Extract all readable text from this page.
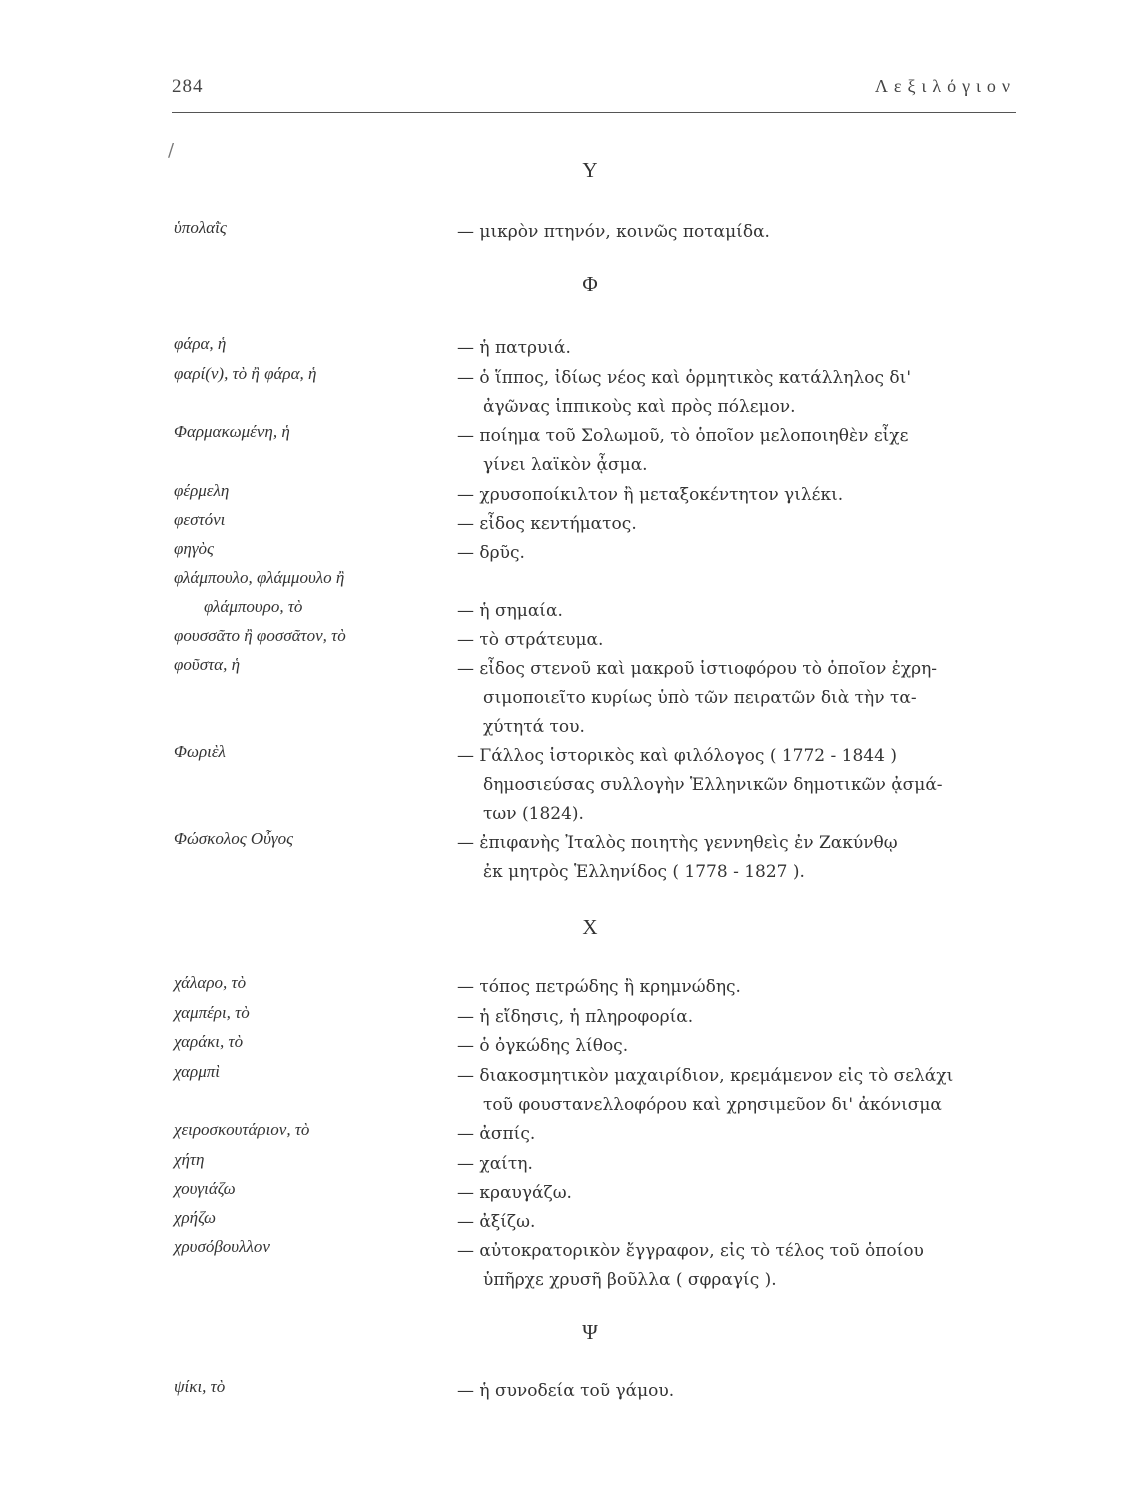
284	Λεξιλόγιον
/
Υ
ὑπολαῒς	— μικρὸν πτηνόν, κοινῶς ποταμίδα.
Φ
φάρα, ἡ	— ἡ πατρυιά.
φαρί(ν), τὸ ἢ φάρα, ἡ	— ὁ ἵππος, ἰδίως νέος καὶ ὁρμητικὸς κατάλληλος δι'
ἀγῶνας ἱππικοὺς καὶ πρὸς πόλεμον.
Φαρμακωμένη, ἡ	— ποίημα τοῦ Σολωμοῦ, τὸ ὁποῖον μελοποιηθὲν εἶχε
γίνει λαϊκὸν ᾆσμα.
φέρμελη	— χρυσοποίκιλτον ἢ μεταξοκέντητον γιλέκι.
φεστόνι	— εἶδος κεντήματος.
φηγὸς	— δρῦς.
φλάμπουλο, φλάμμουλο ἢ
φλάμπουρο, τὸ	— ἡ σημαία.
φουσσᾶτο ἢ φοσσᾶτον, τὸ	— τὸ στράτευμα.
φοῦστα, ἡ	— εἶδος στενοῦ καὶ μακροῦ ἱστιοφόρου τὸ ὁποῖον ἐχρη-
σιμοποιεῖτο κυρίως ὑπὸ τῶν πειρατῶν διὰ τὴν τα-
χύτητά του.
Φωριὲλ	— Γάλλος ἱστορικὸς καὶ φιλόλογος ( 1772 - 1844 )
δημοσιεύσας συλλογὴν Ἑλληνικῶν δημοτικῶν ᾀσμά-
των (1824).
Φώσκολος Οὖγος	— ἐπιφανὴς Ἰταλὸς ποιητὴς γεννηθεὶς ἐν Ζακύνθῳ
ἐκ μητρὸς Ἑλληνίδος ( 1778 - 1827 ).
Χ
χάλαρο, τὸ	— τόπος πετρώδης ἢ κρημνώδης.
χαμπέρι, τὸ	— ἡ εἴδησις, ἡ πληροφορία.
χαράκι, τὸ	— ὁ ὀγκώδης λίθος.
χαρμπὶ	— διακοσμητικὸν μαχαιρίδιον, κρεμάμενον εἰς τὸ σελάχι
τοῦ φουστανελλοφόρου καὶ χρησιμεῦον δι' ἀκόνισμα
χειροσκουτάριον, τὸ	— ἀσπίς.
χήτη	— χαίτη.
χουγιάζω	— κραυγάζω.
χρήζω	— ἀξίζω.
χρυσόβουλλον	— αὐτοκρατορικὸν ἔγγραφον, εἰς τὸ τέλος τοῦ ὁποίου
ὑπῆρχε χρυσῆ βοῦλλα ( σφραγίς ).
Ψ
ψίκι, τὸ	— ἡ συνοδεία τοῦ γάμου.
